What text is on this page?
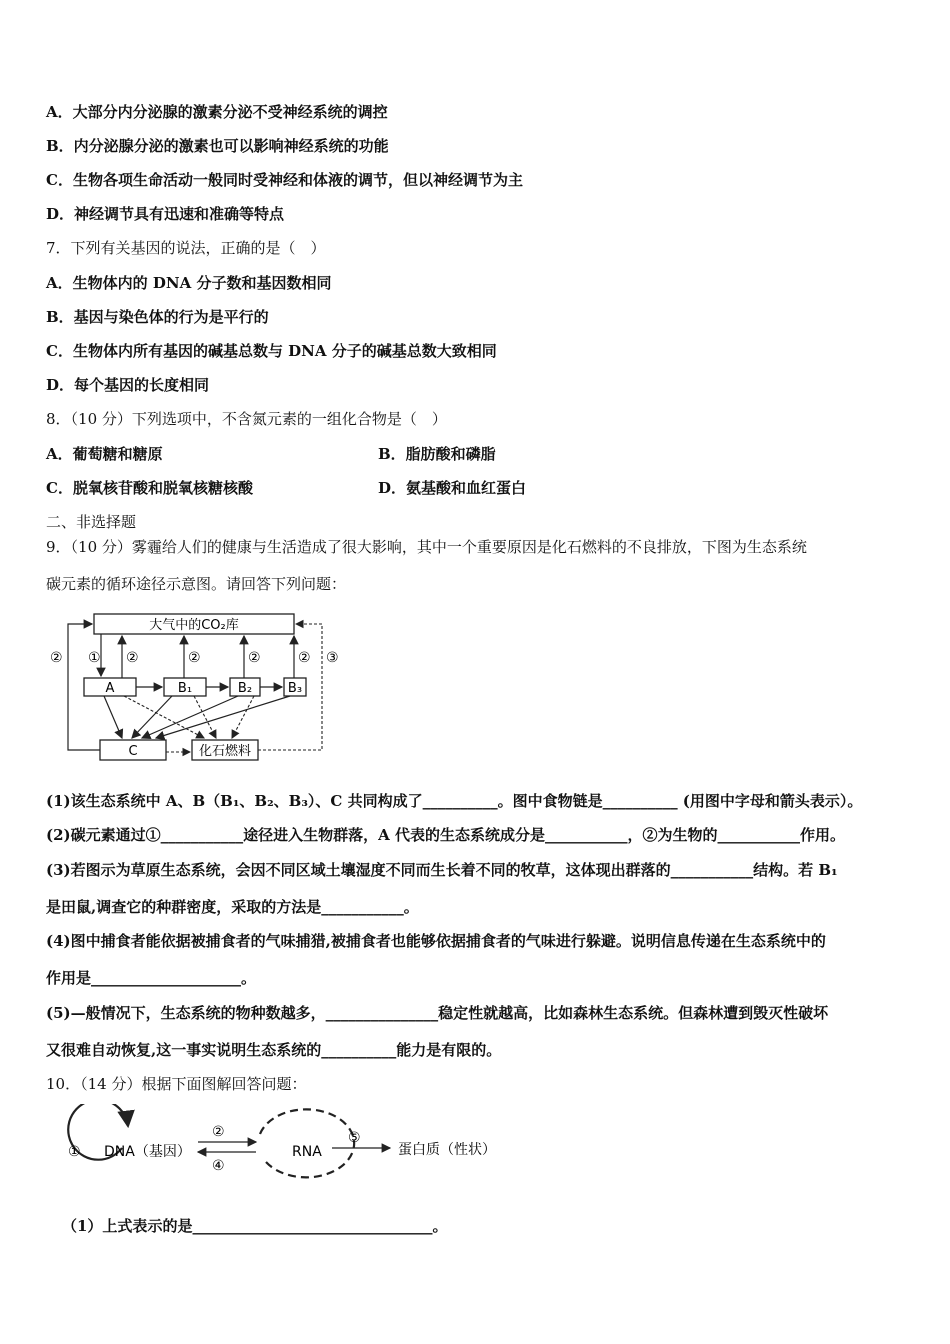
A．大部分内分泌腺的激素分泌不受神经系统的调控
B．内分泌腺分泌的激素也可以影响神经系统的功能
C．生物各项生命活动一般同时受神经和体液的调节，但以神经调节为主
D．神经调节具有迅速和准确等特点
7．下列有关基因的说法，正确的是（　）
A．生物体内的 DNA 分子数和基因数相同
B．基因与染色体的行为是平行的
C．生物体内所有基因的碱基总数与 DNA 分子的碱基总数大致相同
D．每个基因的长度相同
8．（10 分）下列选项中，不含氮元素的一组化合物是（　）
A．葡萄糖和糖原	B．脂肪酸和磷脂
C．脱氧核苷酸和脱氧核糖核酸	D．氨基酸和血红蛋白
二、非选择题
9．（10 分）雾霾给人们的健康与生活造成了很大影响，其中一个重要原因是化石燃料的不良排放，下图为生态系统
碳元素的循环途径示意图。请回答下列问题：
大气中的CO₂库
A	B₁	B₂	B₃
C	化石燃料
② ① ②	②	②	② ③
(1)该生态系统中 A、B（B₁、B₂、B₃）、C 共同构成了__________。图中食物链是__________ (用图中字母和箭头表示）。
(2)碳元素通过①___________途径进入生物群落，A 代表的生态系统成分是___________，②为生物的___________作用。
(3)若图示为草原生态系统，会因不同区域土壤湿度不同而生长着不同的牧草，这体现出群落的___________结构。若 B₁
是田鼠,调查它的种群密度，采取的方法是___________。
(4)图中捕食者能依据被捕食者的气味捕猎,被捕食者也能够依据捕食者的气味进行躲避。说明信息传递在生态系统中的
作用是____________________。
(5)—般情况下，生态系统的物种数越多，_______________稳定性就越高，比如森林生态系统。但森林遭到毁灭性破坏
又很难自动恢复,这一事实说明生态系统的__________能力是有限的。
10．（14 分）根据下面图解回答问题：
① DNA（基因）
②
④
RNA
⑤
蛋白质（性状）
（1）上式表示的是________________________________。
